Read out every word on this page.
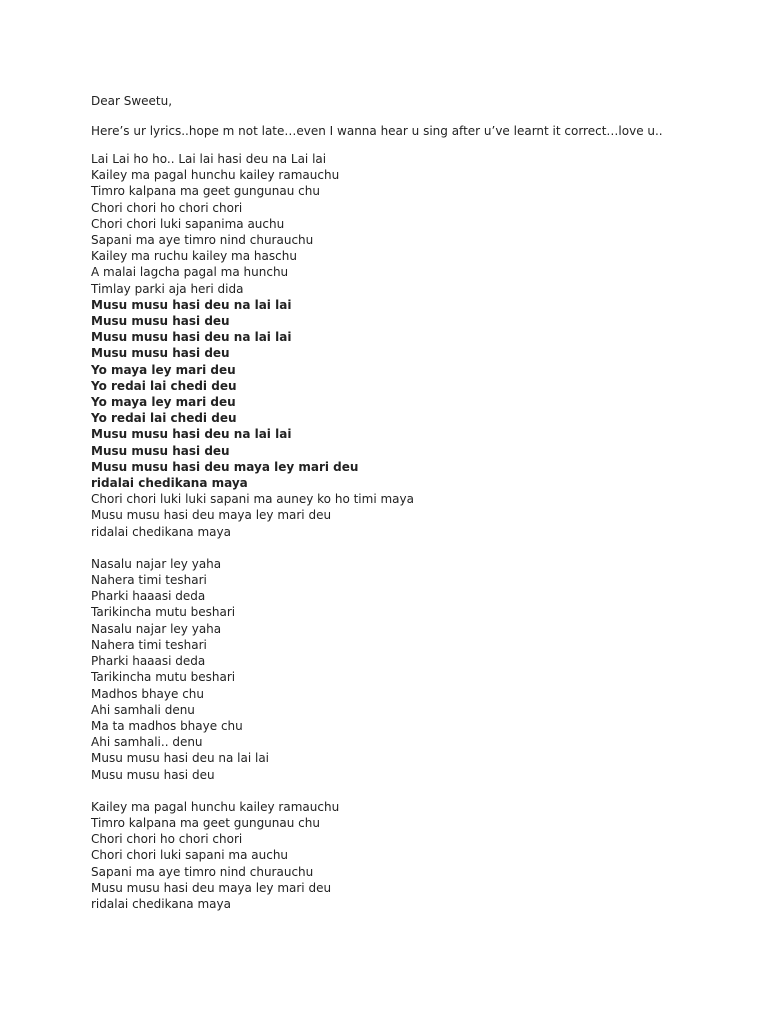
Dear Sweetu,

Here’s ur lyrics..hope m not late…even I wanna hear u sing after u’ve learnt it correct…love u..

Lai Lai ho ho.. Lai lai hasi deu na Lai lai
Kailey ma pagal hunchu kailey ramauchu
Timro kalpana ma geet gungunau chu
Chori chori ho chori chori
Chori chori luki sapanima auchu
Sapani ma aye timro nind churauchu
Kailey ma ruchu kailey ma haschu
A malai lagcha pagal ma hunchu
Timlay parki aja heri dida
Musu musu hasi deu na lai lai
Musu musu hasi deu
Musu musu hasi deu na lai lai
Musu musu hasi deu
Yo maya ley mari deu
Yo redai lai chedi deu
Yo maya ley mari deu
Yo redai lai chedi deu
Musu musu hasi deu na lai lai
Musu musu hasi deu
Musu musu hasi deu maya ley mari deu
ridalai chedikana maya
Chori chori luki luki sapani ma auney ko ho timi maya
Musu musu hasi deu maya ley mari deu
ridalai chedikana maya
Nasalu najar ley yaha
Nahera timi teshari
Pharki haaasi deda
Tarikincha mutu beshari
Nasalu najar ley yaha
Nahera timi teshari
Pharki haaasi deda
Tarikincha mutu beshari
Madhos bhaye chu
Ahi samhali denu
Ma ta madhos bhaye chu
Ahi samhali.. denu
Musu musu hasi deu na lai lai
Musu musu hasi deu
Kailey ma pagal hunchu kailey ramauchu
Timro kalpana ma geet gungunau chu
Chori chori ho chori chori
Chori chori luki sapani ma auchu
Sapani ma aye timro nind churauchu
Musu musu hasi deu maya ley mari deu
ridalai chedikana maya
